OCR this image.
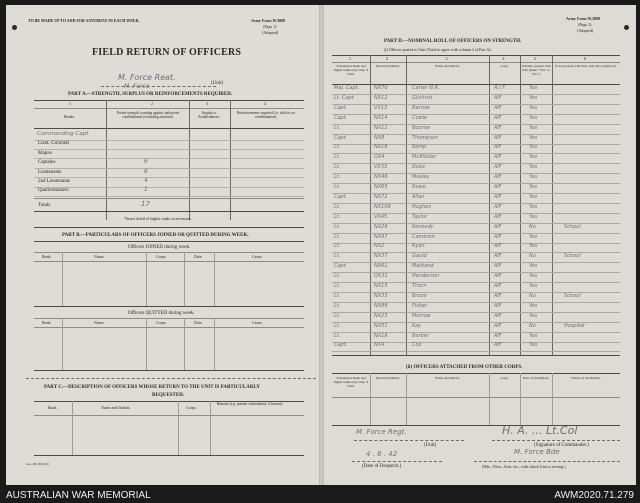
TO BE MADE UP TO AND FOR SATURDAY IN EACH WEEK.	Army Form W.3008
(Page 1)
(Adapted)
FIELD RETURN OF OFFICERS
M. Force Reat.
M. Force	(Unit)
PART A.—STRENGTH, SURPLUS OR REINFORCEMENTS REQUIRED.
1	2	3	4
Ranks.
Posted strength counting against authorized establishment (excluding attached).
Surplus to Establishment.
Reinforcements required (i.e. deficits on establishment).
Commanding Capt
Lieut.-Colonels
Majors
Captains	6
Lieutenants	6
2nd Lieutenants	4
Quartermasters	1
Totals	17
*Insert detail of higher ranks as necessary.
PART B.—PARTICULARS OF OFFICERS JOINED OR QUITTED DURING WEEK.
Officers JOINED during week.
Rank.	Name.	Corps.	Date.	Cause.
Officers QUITTED during week.
Rank.	Name.	Corps.	Date.	Cause.
PART C.—DESCRIPTION OF OFFICERS WHOSE RETURN TO THE UNIT IS PARTICULARLY
REQUESTED.
Rank.	Name and Initials.	Corps.
Reasons (e.g. present whereabouts, if known).
A.G. 200 (M) 8-39
Army Form W.3008
(Page 2)
(Adapted)
PART D.—NOMINAL ROLL OF OFFICERS ON STRENGTH.
(i) Officers posted to Unit (Total to agree with column 2 of Part A).
1	2	3	4	5	6
Substantive Rank and higher temporary rank, if held.
Personal Number.	Name and Initials.	Corps.	Whether present with Unit (Insert “Yes” or “No”).
If not present with Unit, state how employed.
Maj. Capt.	NX70	Carter N.R.	A.I.F.	Yes
Lt. Capt.	NX12	Gilchrist	AIF	Yes
Capt.	VX13	Barrow	AIF	Yes
Capt.	NX14	Cowie	AIF	Yes
Lt.	NX11	Bourne	AIF	Yes
Capt.	NX8	Thompson	AIF	Yes
Lt.	NX18	Kemp	AIF	Yes
Lt.	QX4	McAllister	AIF	Yes
Lt.	VX33	Duke	AIF	Yes
Lt.	NX46	Mealey	AIF	Yes
Lt.	NX65	Rowe	AIF	Yes
Capt.	NX72	Allan	AIF	Yes
Lt.	NX109	Hughes	AIF	Yes
Lt.	VX45	Taylor	AIF	Yes
Lt.	NX28	Kennedy	AIF	No	School
Lt.	NX97	Cameron	AIF	Yes
Lt.	NX2	Ryan	AIF	Yes
Lt.	NX37	Gauld	AIF	No	School
Capt.	NX61	Maitland	AIF	Yes
Lt.	QX31	Henderson	AIF	Yes
Lt.	NX15	Thorn	AIF	Yes
Lt.	NX33	Bruce	AIF	No	School
Lt.	NX88	Fisher	AIF	Yes
Lt.	NX23	Morrow	AIF	Yes
Lt.	NX51	Kay	AIF	No	Hospital
Lt.	NX19	Barber	AIF	Yes
Capt.	NX4	Cox	AIF	Yes
(ii) OFFICERS ATTACHED FROM OTHER CORPS.
Substantive Rank and higher temporary rank, if held.
Personal Number.	Name and Initials.	Corps.	Date of attachment.	Nature of attachment.
M. Force Regt.
(Unit)
H. A. ... Lt.Col
(Signature of Commander.)
4 . 6 . 42
(Date of Despatch.)
M. Force Bde
(Bde., Divn., Area, etc., with which Unit is serving.)
AUSTRALIAN WAR MEMORIAL	AWM2020.71.279
